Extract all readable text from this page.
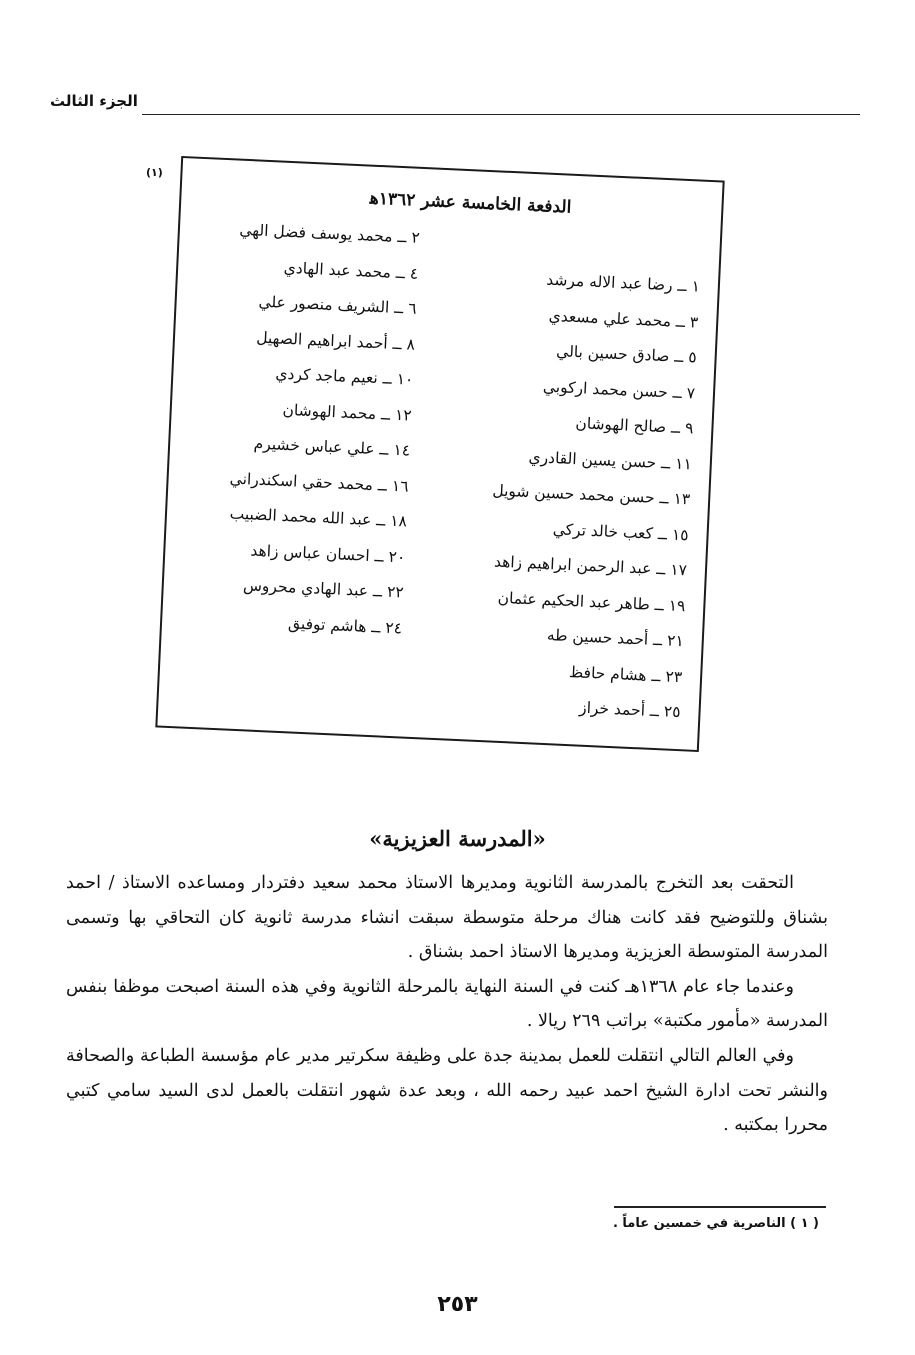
الجزء الثالث
(١)
الدفعة الخامسة عشر ١٣٦٢ﻫ
١ ــ رضا عبد الاله مرشد
٣ ــ محمد علي مسعدي
٥ ــ صادق حسين بالي
٧ ــ حسن محمد اركوبي
٩ ــ صالح الهوشان
١١ ــ حسن يسين القادري
١٣ ــ حسن محمد حسين شويل
١٥ ــ كعب خالد تركي
١٧ ــ عبد الرحمن ابراهيم زاهد
١٩ ــ طاهر عبد الحكيم عثمان
٢١ ــ أحمد حسين طه
٢٣ ــ هشام حافظ
٢٥ ــ أحمد خراز
٢ ــ محمد يوسف فضل الهي
٤ ــ محمد عبد الهادي
٦ ــ الشريف منصور علي
٨ ــ أحمد ابراهيم الصهيل
١٠ ــ نعيم ماجد كردي
١٢ ــ محمد الهوشان
١٤ ــ علي عباس خشيرم
١٦ ــ محمد حقي اسكندراني
١٨ ــ عبد الله محمد الضبيب
٢٠ ــ احسان عباس زاهد
٢٢ ــ عبد الهادي محروس
٢٤ ــ هاشم توفيق
«المدرسة العزيزية»

التحقت بعد التخرج بالمدرسة الثانوية ومديرها الاستاذ محمد سعيد دفتردار ومساعده الاستاذ / احمد بشناق وللتوضيح فقد كانت هناك مرحلة متوسطة سبقت انشاء مدرسة ثانوية كان التحاقي بها وتسمى المدرسة المتوسطة العزيزية ومديرها الاستاذ احمد بشناق .

وعندما جاء عام ١٣٦٨هـ كنت في السنة النهاية بالمرحلة الثانوية وفي هذه السنة اصبحت موظفا بنفس المدرسة «مأمور مكتبة» براتب ٢٦٩ ريالا .

وفي العالم التالي انتقلت للعمل بمدينة جدة على وظيفة سكرتير مدير عام مؤسسة الطباعة والصحافة والنشر تحت ادارة الشيخ احمد عبيد رحمه الله ، وبعد عدة شهور انتقلت بالعمل لدى السيد سامي كتبي محررا بمكتبه .

( ١ ) الناصرية في خمسين عاماً .
٢٥٣
